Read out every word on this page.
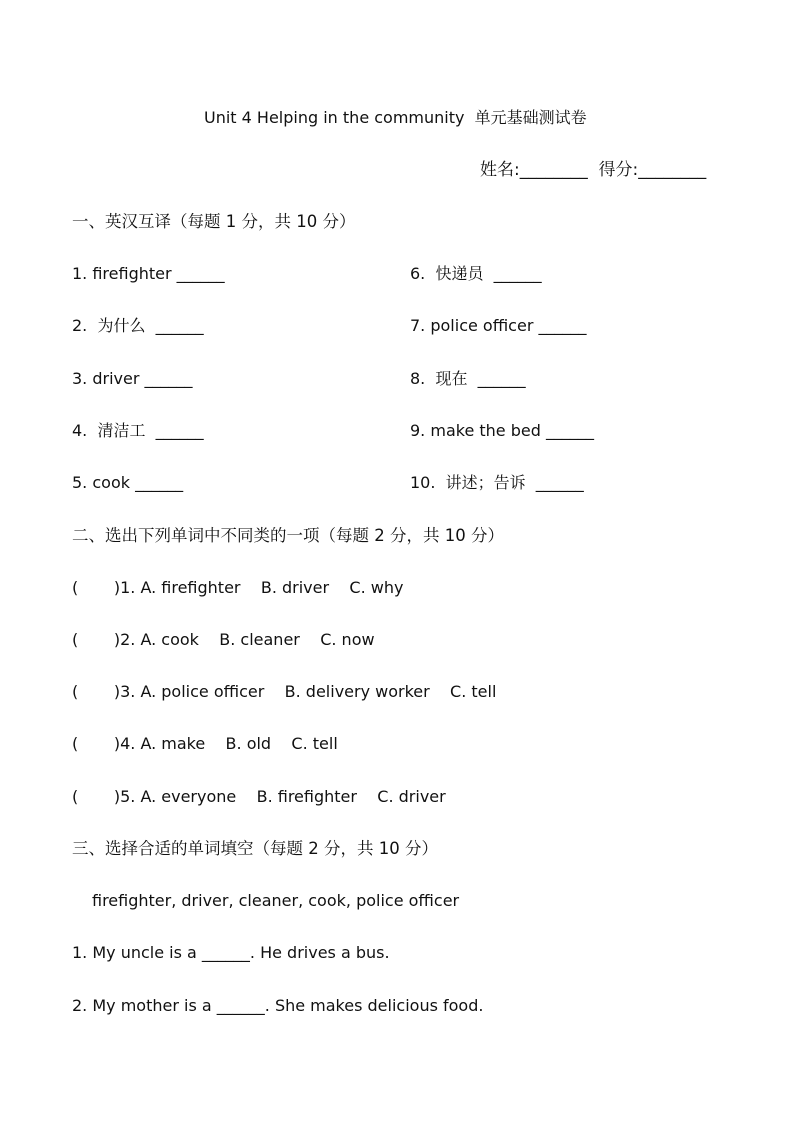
Unit 4 Helping in the community  单元基础测试卷
姓名:________  得分:________
一、英汉互译（每题 1 分，共 10 分）
1. firefighter ______	6.  快递员  ______
2.  为什么  ______	7. police officer ______
3. driver ______	8.  现在  ______
4.  清洁工  ______	9. make the bed ______
5. cook ______	10.  讲述；告诉  ______
二、选出下列单词中不同类的一项（每题 2 分，共 10 分）
(       )1. A. firefighter    B. driver    C. why
(       )2. A. cook    B. cleaner    C. now
(       )3. A. police officer    B. delivery worker    C. tell
(       )4. A. make    B. old    C. tell
(       )5. A. everyone    B. firefighter    C. driver
三、选择合适的单词填空（每题 2 分，共 10 分）
firefighter, driver, cleaner, cook, police officer
1. My uncle is a ______. He drives a bus.
2. My mother is a ______. She makes delicious food.
